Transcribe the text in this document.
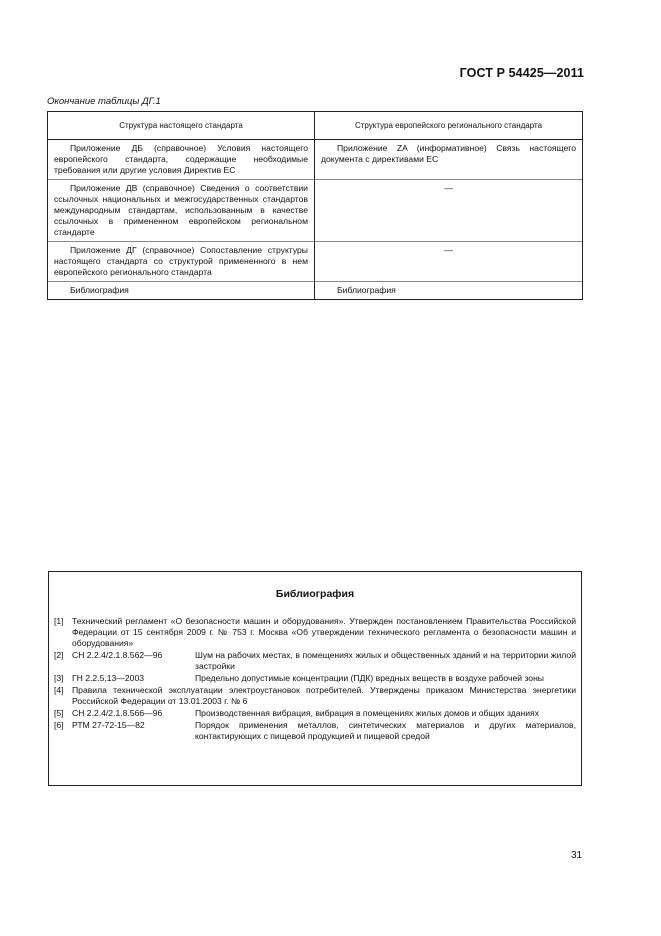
ГОСТ Р 54425—2011
Окончание таблицы ДГ.1
Структура настоящего стандарта	Структура европейского регионального стандарта
Приложение ДБ (справочное) Условия настоящего европейского стандарта, содержащие необходимые требования или другие условия Директив ЕС	Приложение ZA (информативное) Связь настоящего документа с директивами ЕС
Приложение ДВ (справочное) Сведения о соответствии ссылочных национальных и межгосударственных стандартов международным стандартам, использованным в качестве ссылочных в примененном европейском региональном стандарте	—
Приложение ДГ (справочное) Сопоставление структуры настоящего стандарта со структурой примененного в нем европейского регионального стандарта	—
Библиография	Библиография
Библиография
[1] Технический регламент «О безопасности машин и оборудования». Утвержден постановлением Правительства Российской Федерации от 15 сентября 2009 г. № 753 г. Москва «Об утверждении технического регламента о безопасности машин и оборудования»
[2] СН 2.2.4/2.1.8.562—96	Шум на рабочих местах, в помещениях жилых и общественных зданий и на территории жилой застройки
[3] ГН 2.2.5.13—2003	Предельно допустимые концентрации (ПДК) вредных веществ в воздухе рабочей зоны
[4] Правила технической эксплуатации электроустановок потребителей. Утверждены приказом Министерства энергетики Российской Федерации от 13.01.2003 г. № 6
[5] СН 2.2.4/2.1.8.566—96	Производственная вибрация, вибрация в помещениях жилых домов и общих зданиях
[6] РТМ 27-72-15—82	Порядок применения металлов, синтетических материалов и других материалов, контактирующих с пищевой продукцией и пищевой средой
31
